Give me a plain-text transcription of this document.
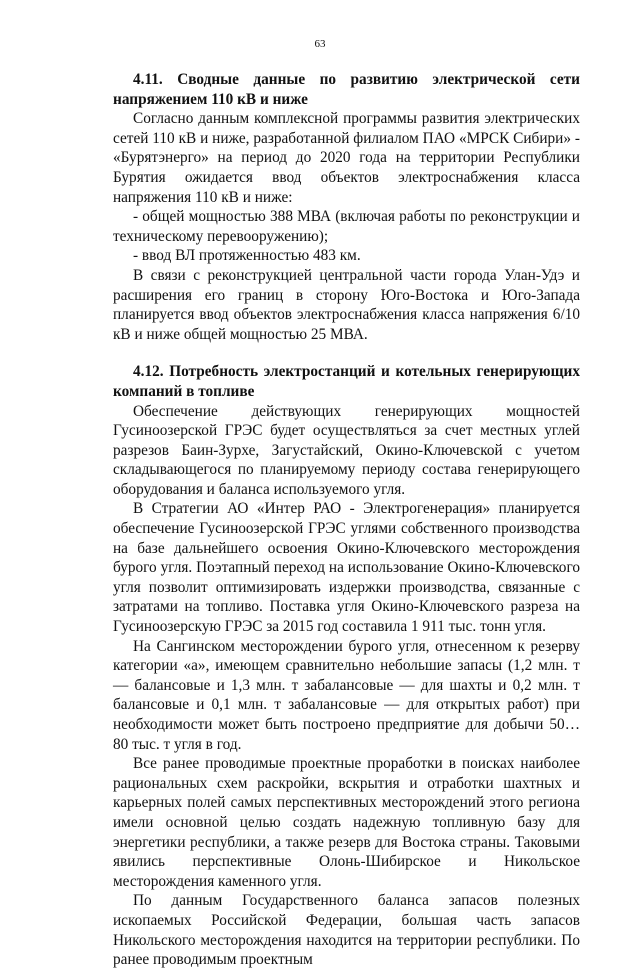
63

4.11. Сводные данные по развитию электрической сети напряжением 110 кВ и ниже

Согласно данным комплексной программы развития электрических сетей 110 кВ и ниже, разработанной филиалом ПАО «МРСК Сибири» - «Бурятэнерго» на период до 2020 года на территории Республики Бурятия ожидается ввод объектов электроснабжения класса напряжения 110 кВ и ниже:

- общей мощностью 388 МВА (включая работы по реконструкции и техническому перевооружению);

- ввод ВЛ протяженностью 483 км.

В связи с реконструкцией центральной части города Улан-Удэ и расширения его границ в сторону Юго-Востока и Юго-Запада планируется ввод объектов электроснабжения класса напряжения 6/10 кВ и ниже общей мощностью 25 МВА.

4.12. Потребность электростанций и котельных генерирующих компаний в топливе

Обеспечение действующих генерирующих мощностей Гусиноозерской ГРЭС будет осуществляться за счет местных углей разрезов Баин-Зурхе, Загустайский, Окино-Ключевской с учетом складывающегося по планируемому периоду состава генерирующего оборудования и баланса используемого угля.

В Стратегии АО «Интер РАО - Электрогенерация» планируется обеспечение Гусиноозерской ГРЭС углями собственного производства на базе дальнейшего освоения Окино-Ключевского месторождения бурого угля. Поэтапный переход на использование Окино-Ключевского угля позволит оптимизировать издержки производства, связанные с затратами на топливо. Поставка угля Окино-Ключевского разреза на Гусиноозерскую ГРЭС за 2015 год составила 1 911 тыс. тонн угля.

На Сангинском месторождении бурого угля, отнесенном к резерву категории «а», имеющем сравнительно небольшие запасы (1,2 млн. т — балансовые и 1,3 млн. т забалансовые — для шахты и 0,2 млн. т балансовые и 0,1 млн. т забалансовые — для открытых работ) при необходимости может быть построено предприятие для добычи 50…80 тыс. т угля в год.

Все ранее проводимые проектные проработки в поисках наиболее рациональных схем раскройки, вскрытия и отработки шахтных и карьерных полей самых перспективных месторождений этого региона имели основной целью создать надежную топливную базу для энергетики республики, а также резерв для Востока страны. Таковыми явились перспективные Олонь-Шибирское и Никольское месторождения каменного угля.

По данным Государственного баланса запасов полезных ископаемых Российской Федерации, большая часть запасов Никольского месторождения находится на территории республики. По ранее проводимым проектным
